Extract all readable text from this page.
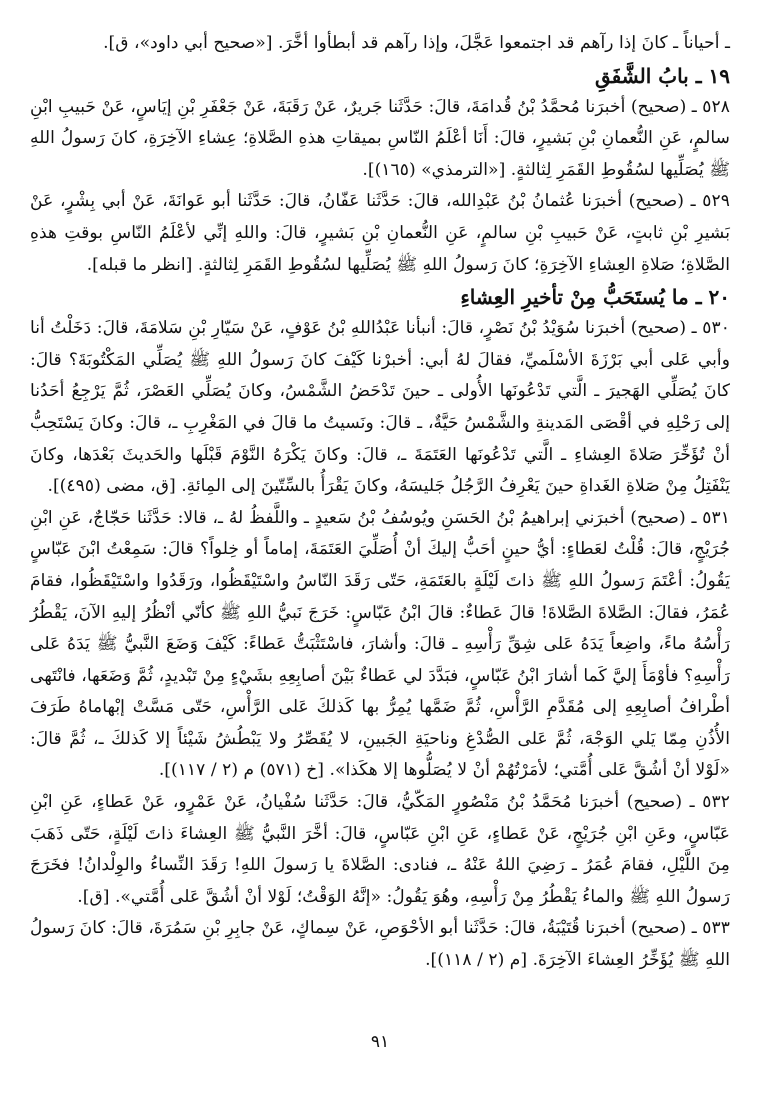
ـ أحياناً ـ كانَ إذا رآهم قد اجتمعوا عَجَّلَ، وإذا رآهم قد أبطأوا أخَّرَ. [«صحيح أبي داود»، ق].

١٩ ـ بابُ الشَّفَقِ

٥٢٨ ـ (صحيح) أخبرَنا مُحمَّدُ بْنُ قُدامَةَ، قالَ: حَدَّثَنا جَريرٌ، عَنْ رَقَبَةَ، عَنْ جَعْفَرِ بْنِ إيَاسٍ، عَنْ حَبيبِ ابْنِ سالمٍ، عَنِ النُّعمانِ بْنِ بَشيرٍ، قالَ: أَنَا أعْلَمُ النّاسِ بميقاتِ هذهِ الصَّلاةِ؛ عِشاءِ الآخِرَةِ، كانَ رَسولُ اللهِ ﷺ يُصَلِّيها لسُقُوطِ القَمَرِ لِثالثةٍ. [«الترمذي» (١٦٥)].

٥٢٩ ـ (صحيح) أخبرَنا عُثمانُ بْنُ عَبْدِالله، قالَ: حَدَّثَنا عَفّانُ، قالَ: حَدَّثَنا أبو عَوانَةَ، عَنْ أبي بِشْرٍ، عَنْ بَشيرِ بْنِ ثابتٍ، عَنْ حَبيبِ بْنِ سالمٍ، عَنِ النُّعمانِ بْنِ بَشيرٍ، قالَ: واللهِ إنِّي لأعْلَمُ النّاسِ بوقتِ هذهِ الصَّلاةِ؛ صَلاةِ العِشاءِ الآخِرَةِ؛ كانَ رَسولُ اللهِ ﷺ يُصَلِّيها لسُقُوطِ القَمَرِ لِثالثةٍ. [انظر ما قبله].

٢٠ ـ ما يُستَحَبُّ مِنْ تأخيرِ العِشاءِ

٥٣٠ ـ (صحيح) أخبرَنا سُوَيْدُ بْنُ نَصْرٍ، قالَ: أنبأنا عَبْدُاللهِ بْنُ عَوْفٍ، عَنْ سَيّارِ بْنِ سَلامَةَ، قالَ: دَخَلْتُ أنا وأبي عَلى أبي بَرْزَةَ الأسْلَميِّ، فقالَ لهُ أبي: أخبرْنا كَيْفَ كانَ رَسولُ اللهِ ﷺ يُصَلِّي المَكْتُوبَةَ؟ قالَ: كانَ يُصَلِّي الهَجيرَ ـ الَّتي تَدْعُونَها الأُولى ـ حينَ تَدْحَضُ الشَّمْسُ، وكانَ يُصَلِّي العَصْرَ، ثُمَّ يَرْجِعُ أحَدُنا إلى رَحْلِهِ في أقْصَى المَدينةِ والشَّمْسُ حَيَّةٌ، ـ قالَ: ونَسيتُ ما قالَ في المَغْرِبِ ـ، قالَ: وكانَ يَسْتَحِبُّ أنْ تُؤَخِّرَ صَلاةَ العِشاءِ ـ الَّتي تَدْعُونَها العَتَمَةَ ـ، قالَ: وكانَ يَكْرَهُ النَّوْمَ قَبْلَها والحَديثَ بَعْدَها، وكانَ يَنْفَتِلُ مِنْ صَلاةِ الغَداةِ حينَ يَعْرِفُ الرَّجُلُ جَليسَهُ، وكانَ يَقْرَأُ بالسِّتّينَ إلى المِائةِ. [ق، مضى (٤٩٥)].

٥٣١ ـ (صحيح) أخبرَني إبراهيمُ بْنُ الحَسَنِ ويُوسُفُ بْنُ سَعيدٍ ـ واللَّفظُ لهُ ـ، قالا: حَدَّثَنا حَجّاجٌ، عَنِ ابْنِ جُرَيْجٍ، قالَ: قُلْتُ لعَطاءٍ: أيُّ حينٍ أحَبُّ إليكَ أنْ أُصَلِّيَ العَتَمَةَ، إماماً أو خِلواً؟ قالَ: سَمِعْتُ ابْنَ عَبّاسٍ يَقُولُ: أعْتَمَ رَسولُ اللهِ ﷺ ذاتَ لَيْلَةٍ بالعَتَمَةِ، حَتّى رَقَدَ النّاسُ واسْتَيْقَظُوا، ورَقَدُوا واسْتَيْقَظُوا، فقامَ عُمَرُ، فقالَ: الصَّلاةَ الصَّلاةَ! قالَ عَطاءٌ: قالَ ابْنُ عَبّاسٍ: خَرَجَ نَبيُّ اللهِ ﷺ كأنّي أنْظُرُ إليهِ الآنَ، يَقْطُرُ رَأْسُهُ ماءً، واضِعاً يَدَهُ عَلى شِقِّ رَأْسِهِ ـ قالَ: وأشارَ، فاسْتَثْبَتُّ عَطاءً: كَيْفَ وَضَعَ النَّبيُّ ﷺ يَدَهُ عَلى رَأْسِهِ؟ فأوْمَأَ إليَّ كَما أشارَ ابْنُ عَبّاسٍ، فبَدَّدَ لي عَطاءٌ بَيْنَ أصابِعِهِ بشَيْءٍ مِنْ تَبْديدٍ، ثُمَّ وَضَعَها، فانْتَهى أطْرافُ أصابِعِهِ إلى مُقَدَّمِ الرَّأْسِ، ثُمَّ ضَمَّها يُمِرُّ بها كَذلكَ عَلى الرَّأْسِ، حَتّى مَسَّتْ إبْهاماهُ طَرَفَ الأُذُنِ مِمّا يَلي الوَجْهَ، ثُمَّ عَلى الصُّدْغِ وناحيَةِ الجَبينِ، لا يُقَصِّرُ ولا يَبْطُشُ شَيْئاً إلا كَذلكَ ـ، ثُمَّ قالَ: «لَوْلا أنْ أشُقَّ عَلى أُمَّتي؛ لأمَرْتُهُمْ أنْ لا يُصَلُّوها إلا هكَذا». [خ (٥٧١) م (٢ / ١١٧)].

٥٣٢ ـ (صحيح) أخبرَنا مُحَمَّدُ بْنُ مَنْصُورٍ المَكّيُّ، قالَ: حَدَّثَنا سُفْيانُ، عَنْ عَمْرٍو، عَنْ عَطاءٍ، عَنِ ابْنِ عَبّاسٍ، وعَنِ ابْنِ جُرَيْجٍ، عَنْ عَطاءٍ، عَنِ ابْنِ عَبّاسٍ، قالَ: أخَّرَ النَّبيُّ ﷺ العِشاءَ ذاتَ لَيْلَةٍ، حَتّى ذَهَبَ مِنَ اللَّيْلِ، فقامَ عُمَرُ ـ رَضِيَ اللهُ عَنْهُ ـ، فنادى: الصَّلاةَ يا رَسولَ اللهِ! رَقَدَ النِّساءُ والوِلْدانُ! فخَرَجَ رَسولُ اللهِ ﷺ والماءُ يَقْطُرُ مِنْ رَأْسِهِ، وهُوَ يَقُولُ: «إنَّهُ الوَقْتُ؛ لَوْلا أنْ أشُقَّ عَلى أُمَّتي». [ق].

٥٣٣ ـ (صحيح) أخبرَنا قُتَيْبَةُ، قالَ: حَدَّثَنا أبو الأحْوَصِ، عَنْ سِماكٍ، عَنْ جابِرِ بْنِ سَمُرَةَ، قالَ: كانَ رَسولُ اللهِ ﷺ يُؤَخِّرُ العِشاءَ الآخِرَةَ. [م (٢ / ١١٨)].

٩١
